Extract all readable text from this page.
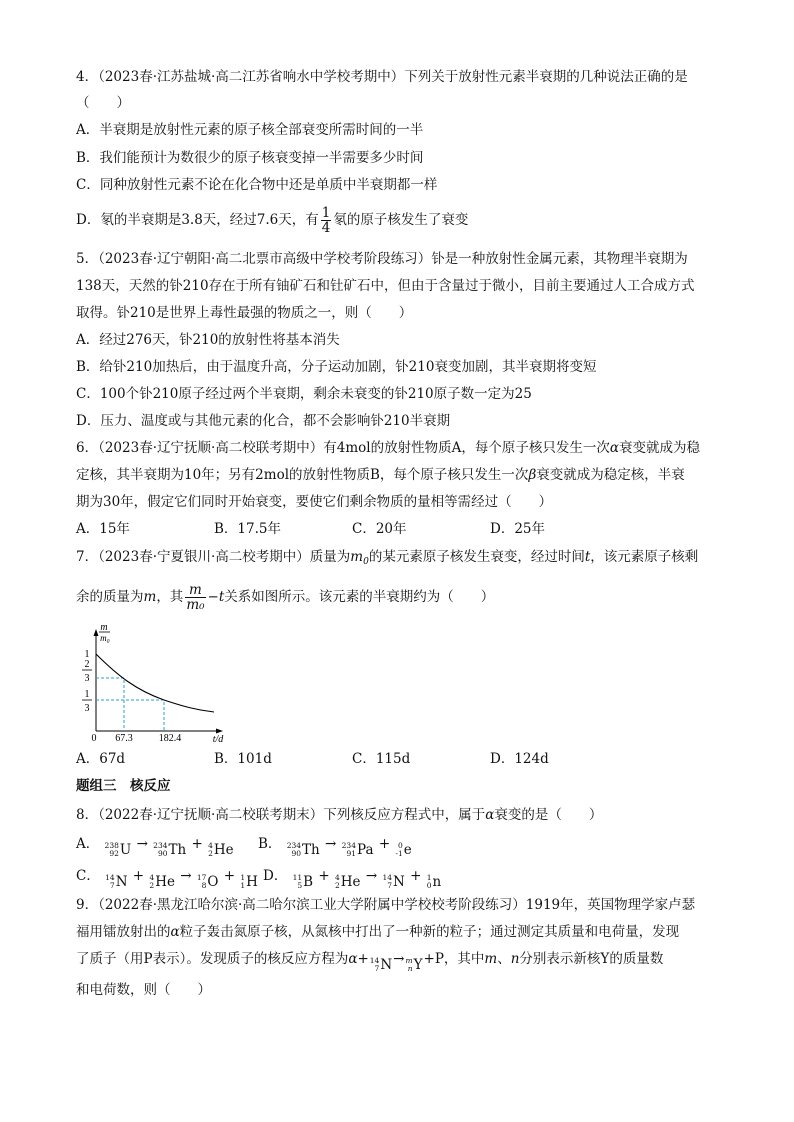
4．（2023春·江苏盐城·高二江苏省响水中学校考期中）下列关于放射性元素半衰期的几种说法正确的是
（　　）
A．半衰期是放射性元素的原子核全部衰变所需时间的一半
B．我们能预计为数很少的原子核衰变掉一半需要多少时间
C．同种放射性元素不论在化合物中还是单质中半衰期都一样
D．氡的半衰期是3.8天，经过7.6天，有 $\frac{1}{4}$ 氡的原子核发生了衰变
5．（2023春·辽宁朝阳·高二北票市高级中学校考阶段练习）钋是一种放射性金属元素，其物理半衰期为
138天，天然的钋210存在于所有铀矿石和钍矿石中，但由于含量过于微小，目前主要通过人工合成方式
取得。钋210是世界上毒性最强的物质之一，则（　　）
A．经过276天，钋210的放射性将基本消失
B．给钋210加热后，由于温度升高，分子运动加剧，钋210衰变加剧，其半衰期将变短
C．100个钋210原子经过两个半衰期，剩余未衰变的钋210原子数一定为25
D．压力、温度或与其他元素的化合，都不会影响钋210半衰期
6．（2023春·辽宁抚顺·高二校联考期中）有4mol的放射性物质A，每个原子核只发生一次α衰变就成为稳
定核，其半衰期为10年；另有2mol的放射性物质B，每个原子核只发生一次β衰变就成为稳定核，半衰
期为30年，假定它们同时开始衰变，要使它们剩余物质的量相等需经过（　　）
A．15年	B．17.5年	C．20年	D．25年
7．（2023春·宁夏银川·高二校考期中）质量为$m_0$的某元素原子核发生衰变，经过时间t，该元素原子核剩
余的质量为m，其 $\frac{m}{\text{m₀}} -t$关系如图所示。该元素的半衰期约为（　　）
m
m₀
1
2
3
1
3
0 67.3	182.4	t/d
A．67d	B．101d	C．115d	D．124d
题组三　核反应
8．（2022春·辽宁抚顺·高二校联考期末）下列核反应方程式中，属于α衰变的是（　　）
A． 238
92 U → 234
90 Th + 4
2 He B． 234
90 Th → 234
91 Pa +	0
-1 e
C． 14
7 N + 4
2 He → 17
8 O + 1
1 H D． 11
5 B + 4
2 He → 14
7 N + 1
0 n
9．（2022春·黑龙江哈尔滨·高二哈尔滨工业大学附属中学校校考阶段练习）1919年，英国物理学家卢瑟
福用镭放射出的α粒子轰击氮原子核，从氮核中打出了一种新的粒子；通过测定其质量和电荷量，发现
了质子（用P表示）。发现质子的核反应方程为α+ 14
7 N → m
n Y +P，其中m、n分别表示新核Y的质量数
和电荷数，则（　　）
